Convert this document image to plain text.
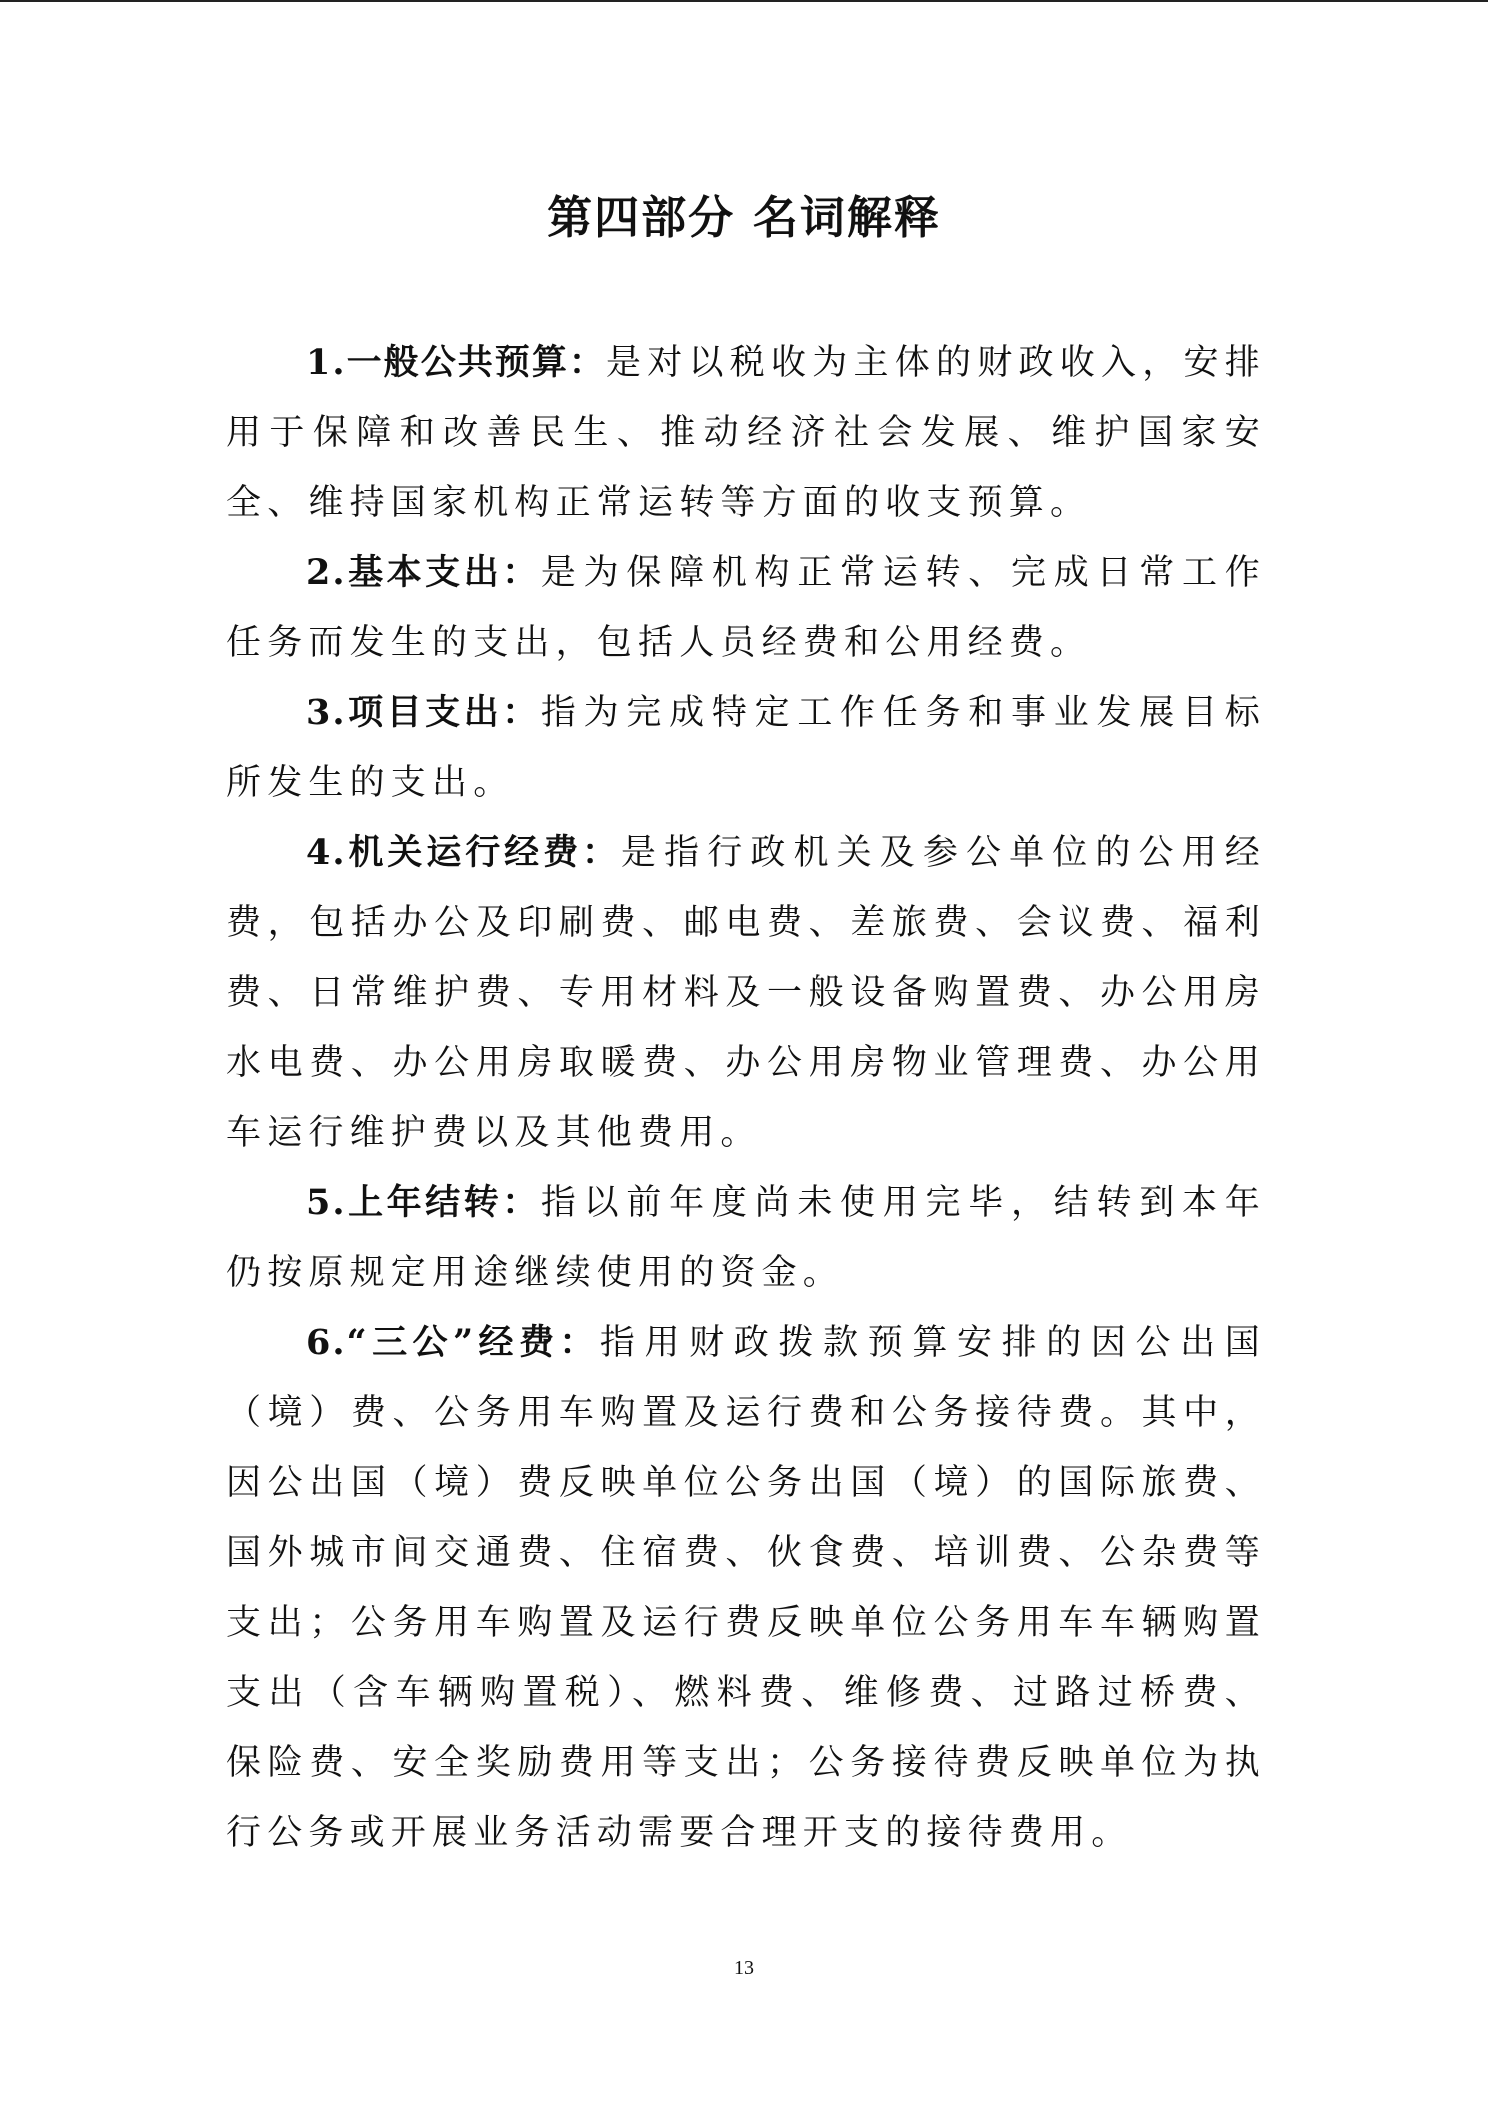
第四部分 名词解释

1.一般公共预算：是对以税收为主体的财政收入，安排用于保障和改善民生、推动经济社会发展、维护国家安全、维持国家机构正常运转等方面的收支预算。

2.基本支出：是为保障机构正常运转、完成日常工作任务而发生的支出，包括人员经费和公用经费。

3.项目支出：指为完成特定工作任务和事业发展目标所发生的支出。

4.机关运行经费：是指行政机关及参公单位的公用经费，包括办公及印刷费、邮电费、差旅费、会议费、福利费、日常维护费、专用材料及一般设备购置费、办公用房水电费、办公用房取暖费、办公用房物业管理费、办公用车运行维护费以及其他费用。

5.上年结转：指以前年度尚未使用完毕，结转到本年仍按原规定用途继续使用的资金。

6.“三公”经费：指用财政拨款预算安排的因公出国（境）费、公务用车购置及运行费和公务接待费。其中，因公出国（境）费反映单位公务出国（境）的国际旅费、国外城市间交通费、住宿费、伙食费、培训费、公杂费等支出；公务用车购置及运行费反映单位公务用车车辆购置支出（含车辆购置税）、燃料费、维修费、过路过桥费、保险费、安全奖励费用等支出；公务接待费反映单位为执行公务或开展业务活动需要合理开支的接待费用。

13
